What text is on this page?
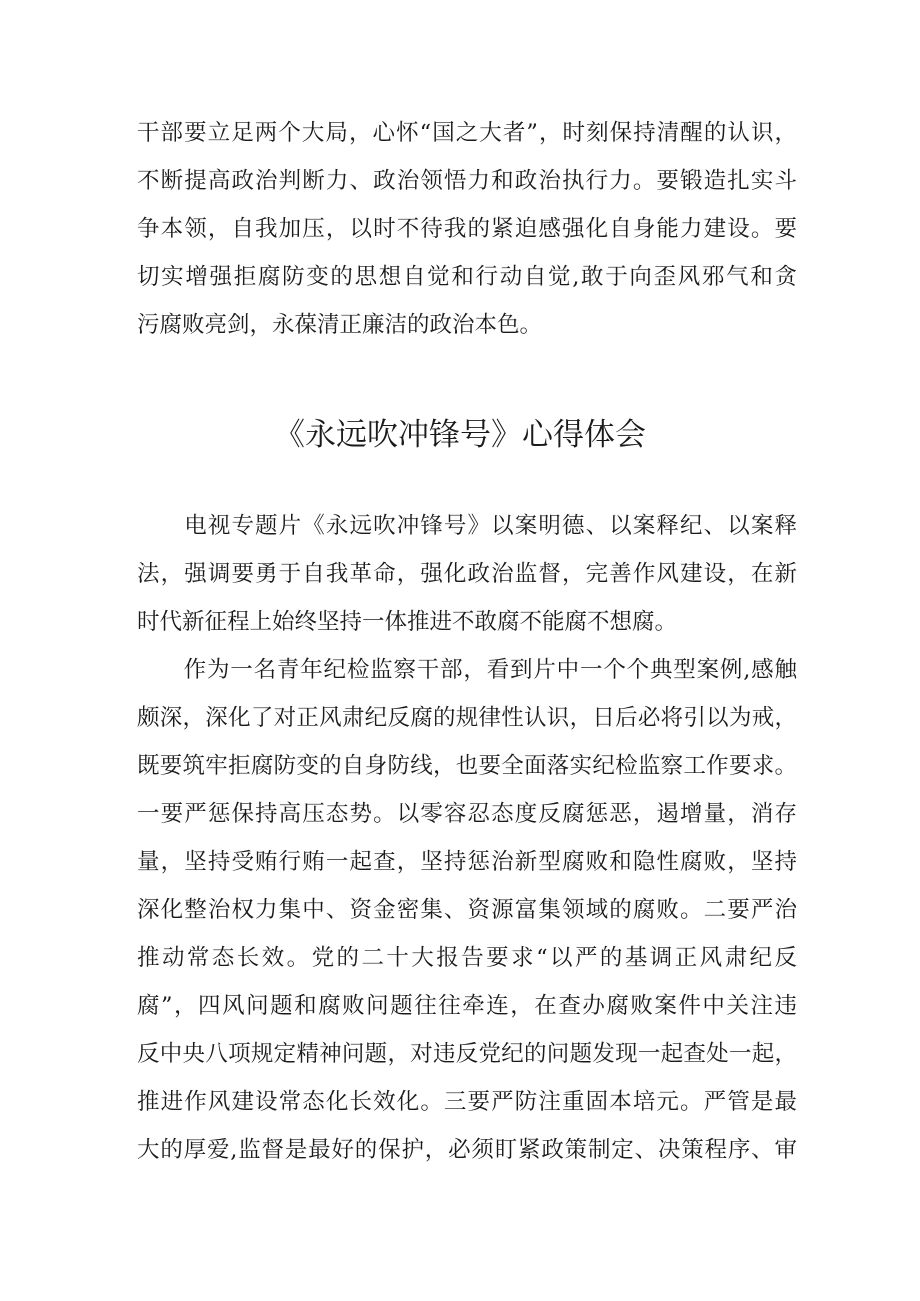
干部要立足两个大局，心怀“国之大者”，时刻保持清醒的认识，
不断提高政治判断力、政治领悟力和政治执行力。要锻造扎实斗
争本领，自我加压，以时不待我的紧迫感强化自身能力建设。要
切实增强拒腐防变的思想自觉和行动自觉,敢于向歪风邪气和贪
污腐败亮剑，永葆清正廉洁的政治本色。
《永远吹冲锋号》心得体会
　　电视专题片《永远吹冲锋号》以案明德、以案释纪、以案释
法，强调要勇于自我革命，强化政治监督，完善作风建设，在新
时代新征程上始终坚持一体推进不敢腐不能腐不想腐。
　　作为一名青年纪检监察干部，看到片中一个个典型案例,感触
颇深，深化了对正风肃纪反腐的规律性认识，日后必将引以为戒，
既要筑牢拒腐防变的自身防线，也要全面落实纪检监察工作要求。
一要严惩保持高压态势。以零容忍态度反腐惩恶，遏增量，消存
量，坚持受贿行贿一起查，坚持惩治新型腐败和隐性腐败，坚持
深化整治权力集中、资金密集、资源富集领域的腐败。二要严治
推动常态长效。党的二十大报告要求“以严的基调正风肃纪反
腐”，四风问题和腐败问题往往牵连，在查办腐败案件中关注违
反中央八项规定精神问题，对违反党纪的问题发现一起查处一起，
推进作风建设常态化长效化。三要严防注重固本培元。严管是最
大的厚爱,监督是最好的保护，必须盯紧政策制定、决策程序、审
